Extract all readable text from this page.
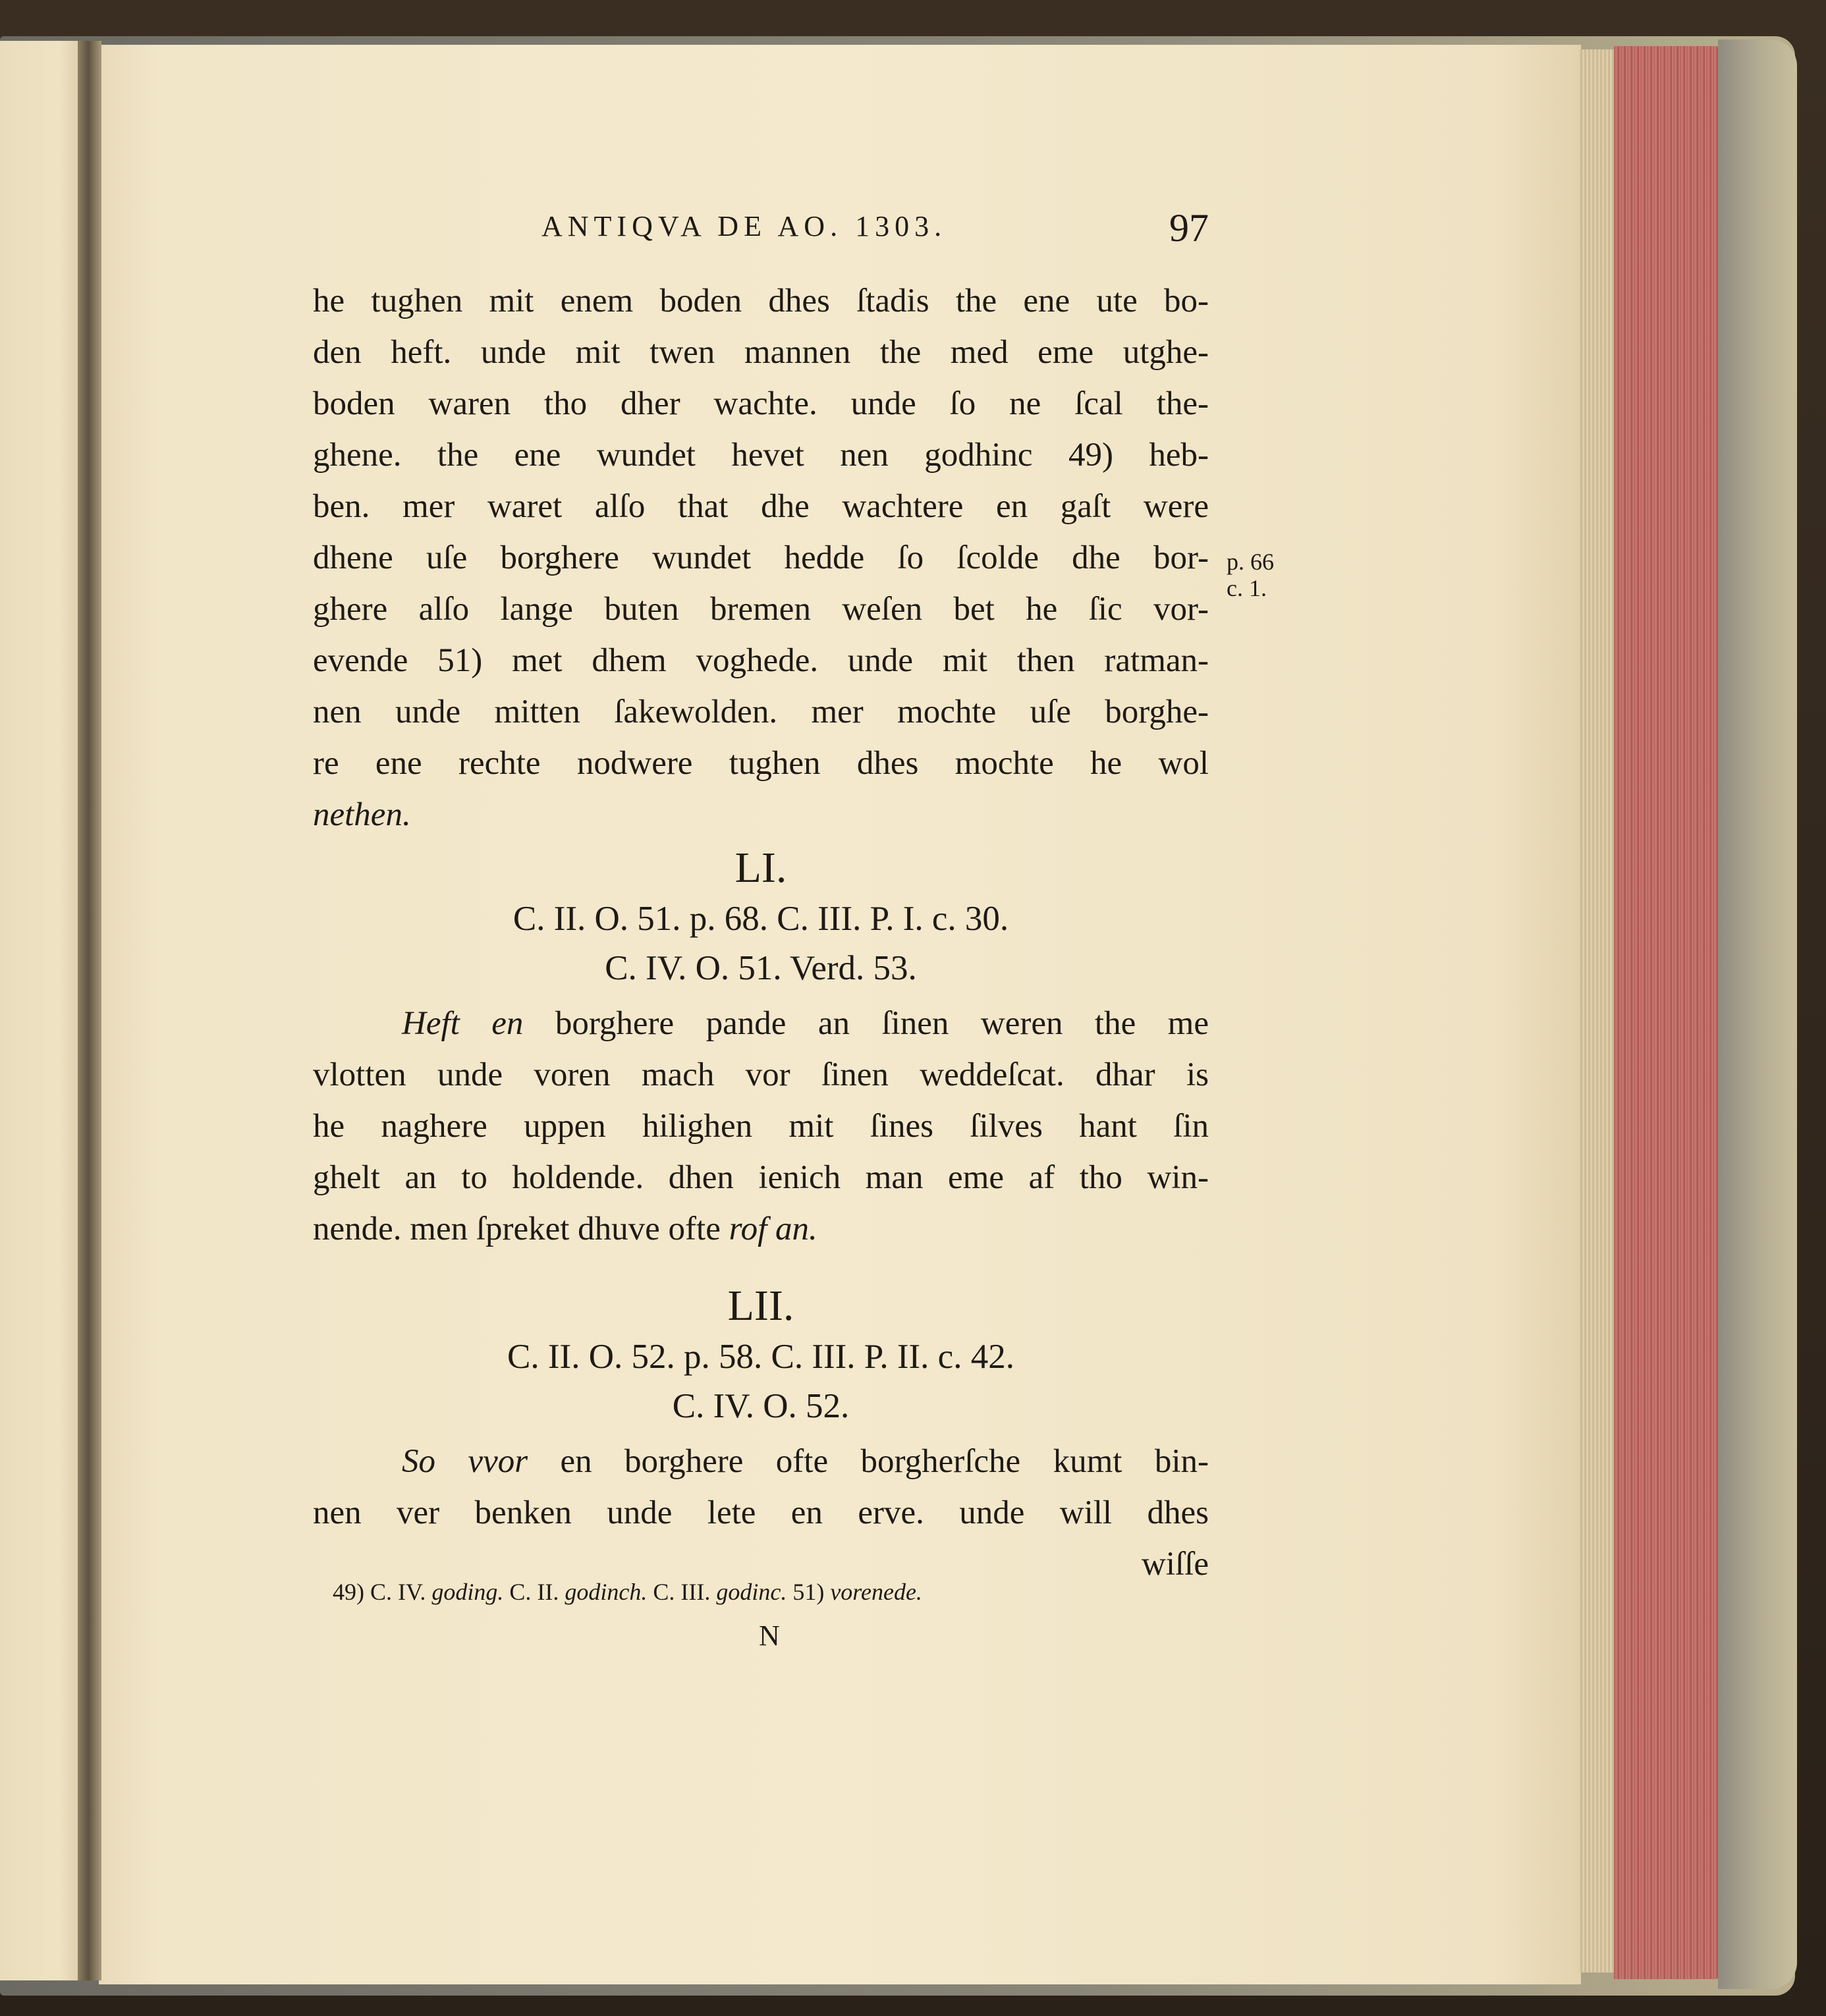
ANTIQVA DE AO. 1303.	97
p. 66
c. 1.

he tughen mit enem boden dhes ſtadis the ene ute bo-

den heft. unde mit twen mannen the med eme utghe-

boden waren tho dher wachte. unde ſo ne ſcal the-

ghene. the ene wundet hevet nen godhinc 49) heb-

ben. mer waret alſo that dhe wachtere en gaſt were

dhene uſe borghere wundet hedde ſo ſcolde dhe bor-

ghere alſo lange buten bremen weſen bet he ſic vor-

evende 51) met dhem voghede. unde mit then ratman-

nen unde mitten ſakewolden. mer mochte uſe borghe-

re ene rechte nodwere tughen dhes mochte he wol

nethen.

LI.
C. II. O. 51. p. 68. C. III. P. I. c. 30.
C. IV. O. 51. Verd. 53.

Heft en borghere pande an ſinen weren the me

vlotten unde voren mach vor ſinen weddeſcat. dhar is

he naghere uppen hilighen mit ſines ſilves hant ſin

ghelt an to holdende. dhen ienich man eme af tho win-

nende. men ſpreket dhuve ofte rof an.

LII.
C. II. O. 52. p. 58. C. III. P. II. c. 42.
C. IV. O. 52.

So vvor en borghere ofte borgherſche kumt bin-

nen ver benken unde lete en erve. unde will dhes

wiſſe

49) C. IV. goding. C. II. godinch. C. III. godinc. 51) vorenede.
N
